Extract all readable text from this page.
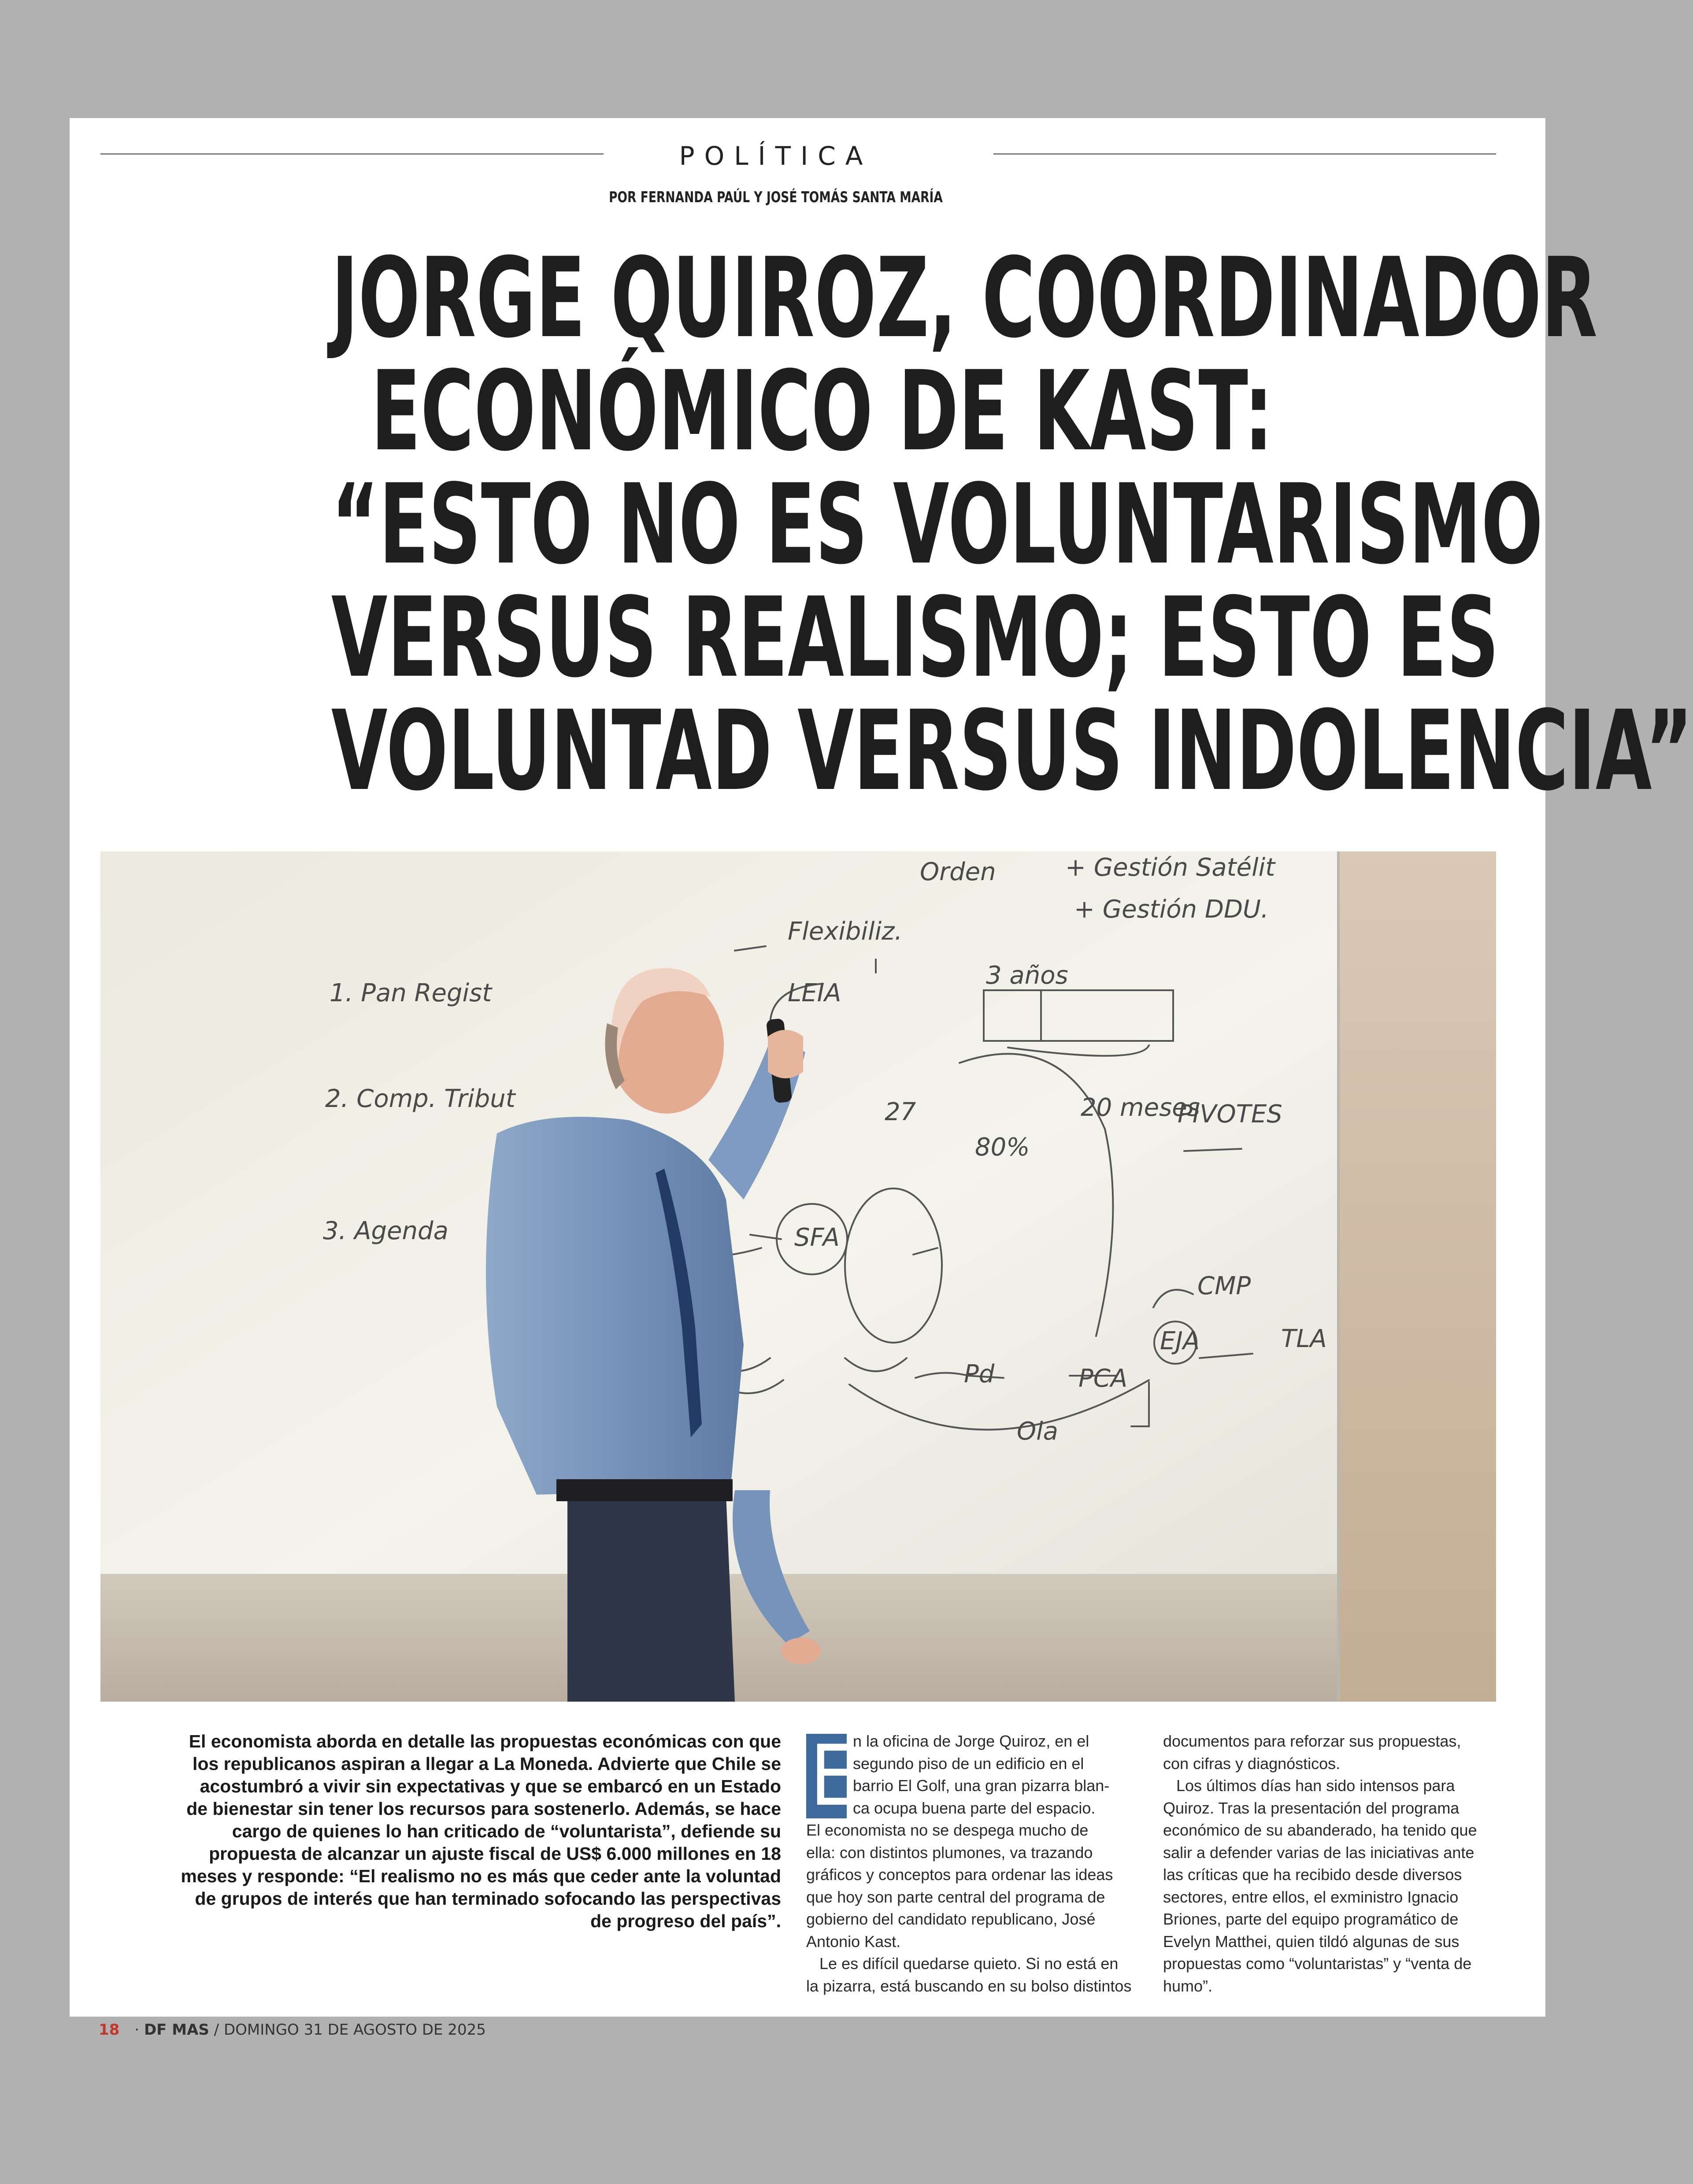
POLÍTICA
POR FERNANDA PAÚL Y JOSÉ TOMÁS SANTA MARÍA
JORGE QUIROZ, COORDINADOR
ECONÓMICO DE KAST:
“ESTO NO ES VOLUNTARISMO
VERSUS REALISMO; ESTO ES
VOLUNTAD VERSUS INDOLENCIA”
1. Pan Regist
2. Comp. Tribut
3. Agenda
3 años
20 meses
PIVOTES
27
80%
SFA
EJA	TLA
LEIA
Flexibiliz.
Orden	+ Gestión Satélit
+ Gestión DDU.
Pd	PCA
CMP
Ola
El economista aborda en detalle las propuestas económicas con que
los republicanos aspiran a llegar a La Moneda. Advierte que Chile se
acostumbró a vivir sin expectativas y que se embarcó en un Estado
de bienestar sin tener los recursos para sostenerlo. Además, se hace
cargo de quienes lo han criticado de “voluntarista”, defiende su
propuesta de alcanzar un ajuste fiscal de US$ 6.000 millones en 18
meses y responde: “El realismo no es más que ceder ante la voluntad
de grupos de interés que han terminado sofocando las perspectivas
de progreso del país”.
E

n la oficina de Jorge Quiroz, en el

segundo piso de un edificio en el

barrio El Golf, una gran pizarra blan-

ca ocupa buena parte del espacio.

El economista no se despega mucho de

ella: con distintos plumones, va trazando

gráficos y conceptos para ordenar las ideas

que hoy son parte central del programa de

gobierno del candidato republicano, José

Antonio Kast.

Le es difícil quedarse quieto. Si no está en

la pizarra, está buscando en su bolso distintos

documentos para reforzar sus propuestas,

con cifras y diagnósticos.

Los últimos días han sido intensos para

Quiroz. Tras la presentación del programa

económico de su abanderado, ha tenido que

salir a defender varias de las iniciativas ante

las críticas que ha recibido desde diversos

sectores, entre ellos, el exministro Ignacio

Briones, parte del equipo programático de

Evelyn Matthei, quien tildó algunas de sus

propuestas como “voluntaristas” y “venta de

humo”.

18 · DF MAS / DOMINGO 31 DE AGOSTO DE 2025
